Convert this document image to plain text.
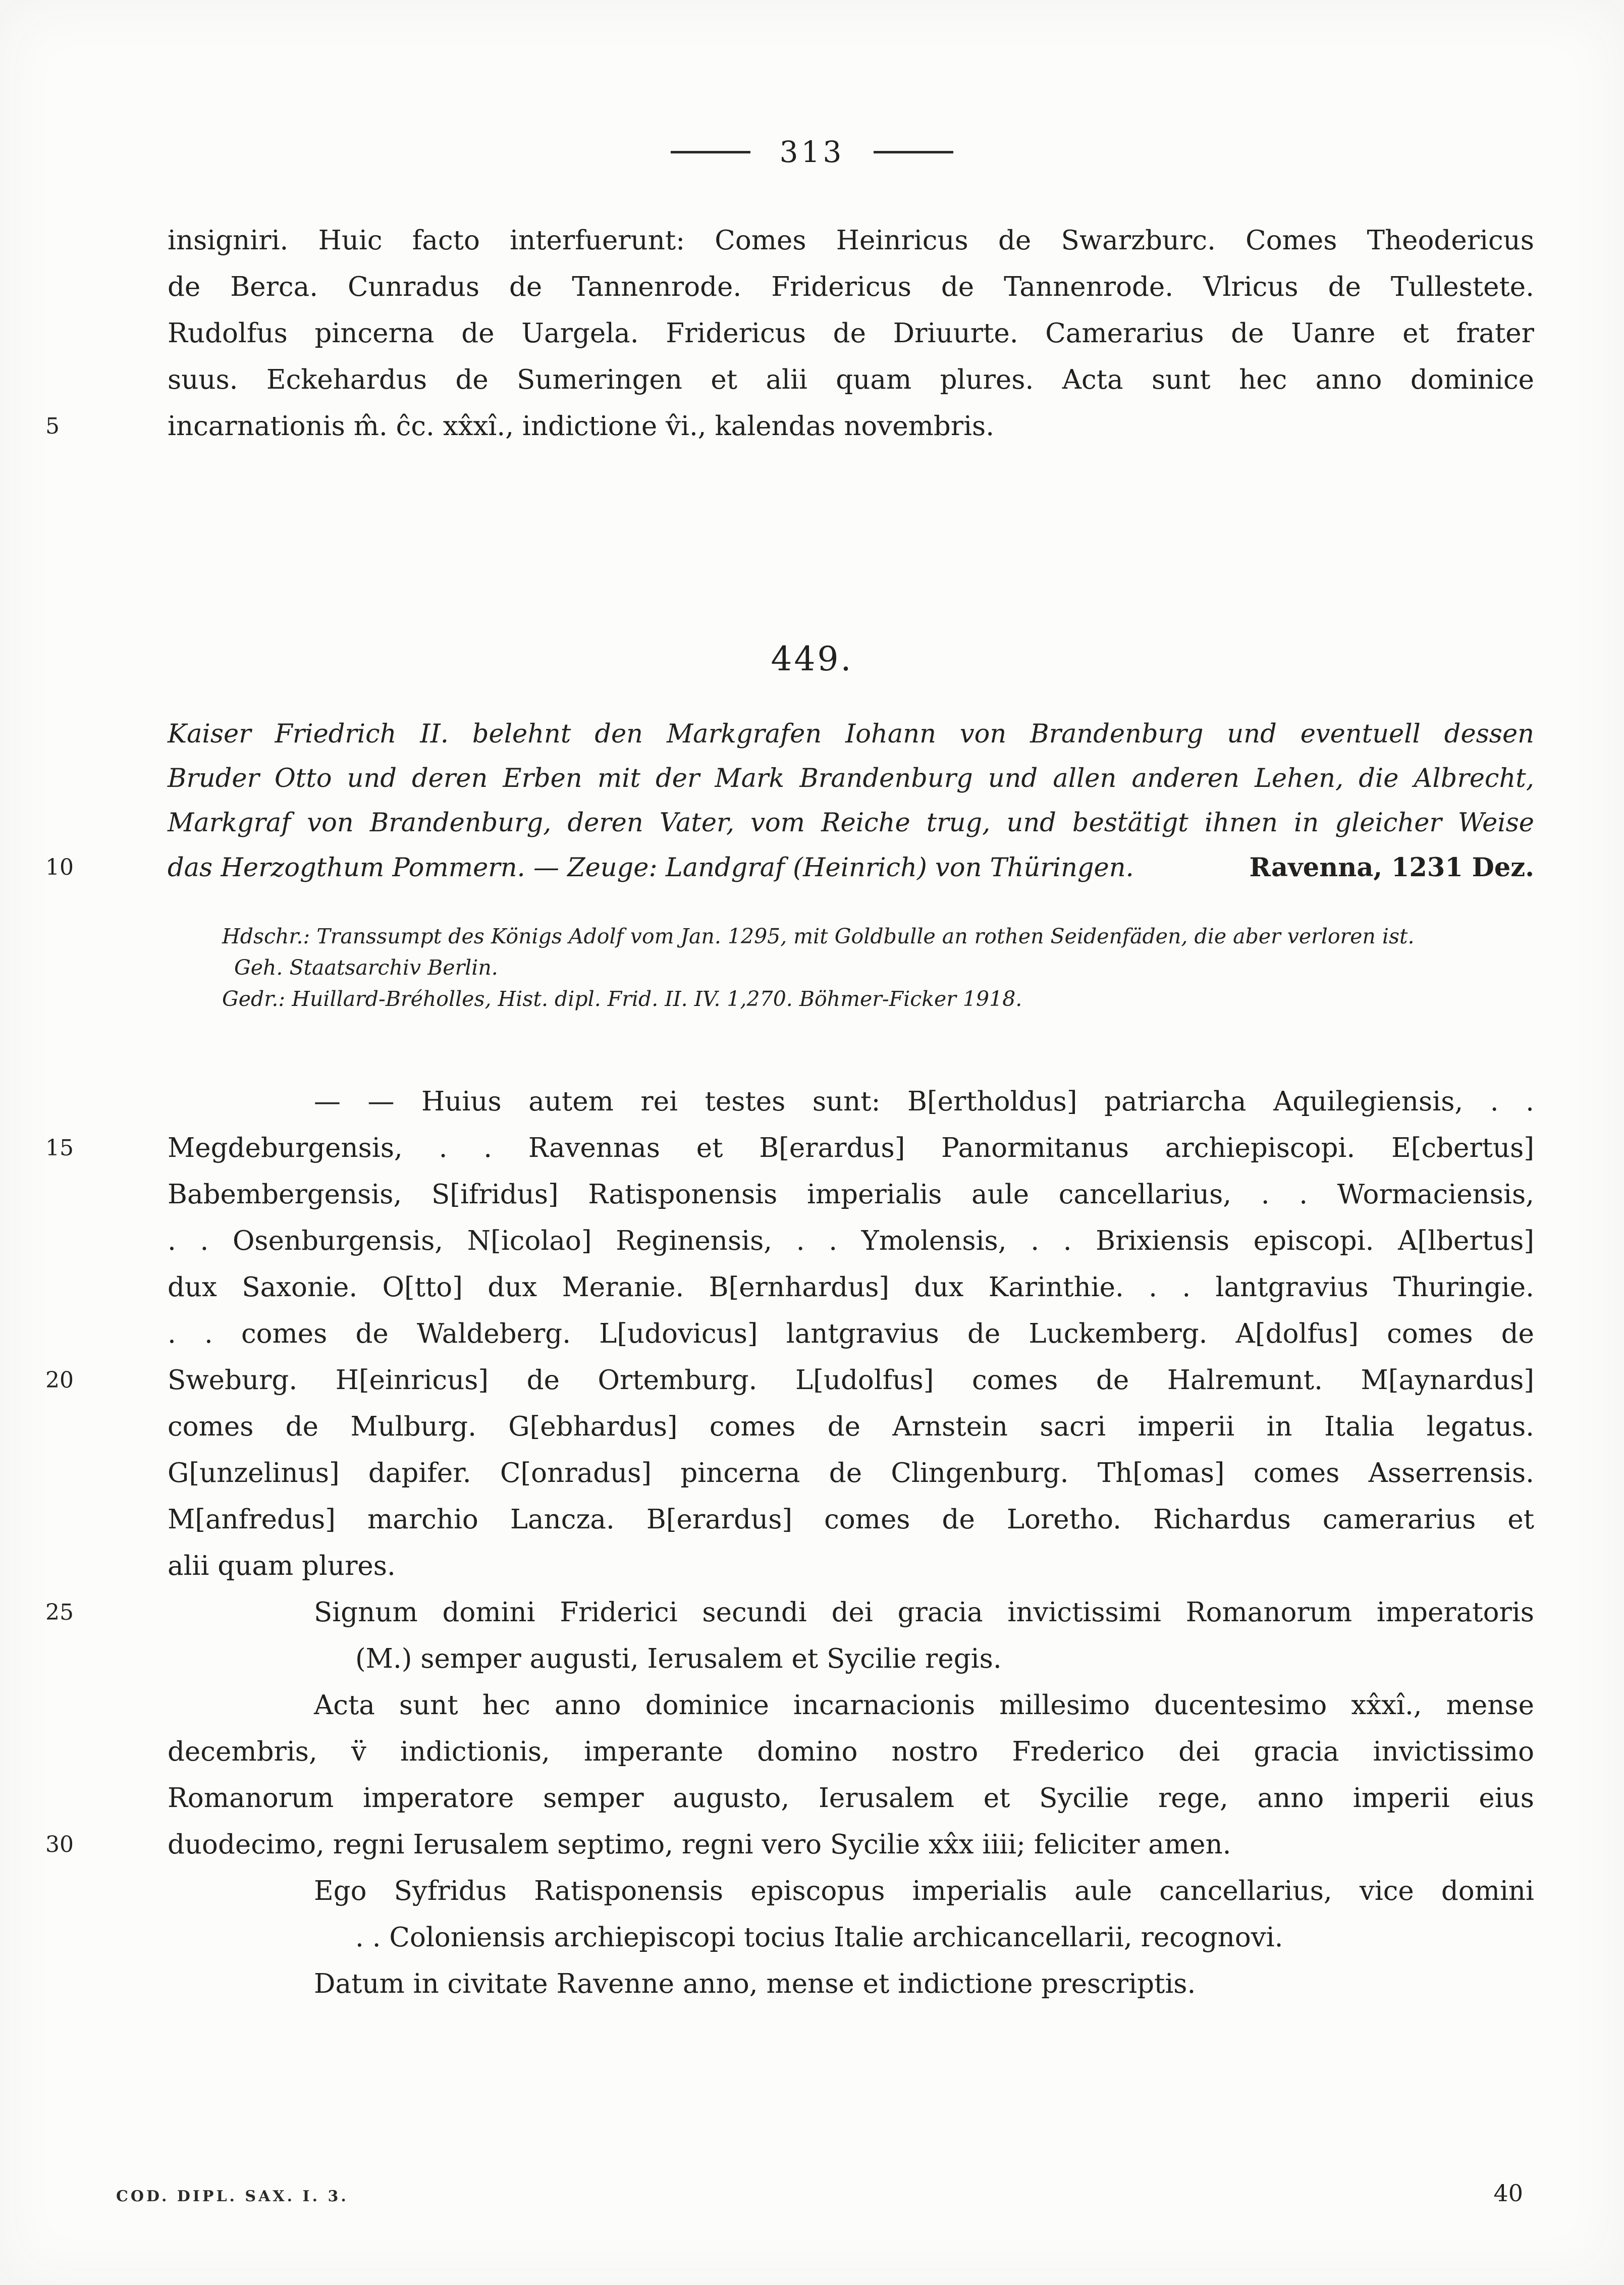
313
insigniri. Huic facto interfuerunt: Comes Heinricus de Swarzburc. Comes Theodericus
de Berca. Cunradus de Tannenrode. Fridericus de Tannenrode. Vlricus de Tullestete.
Rudolfus pincerna de Uargela. Fridericus de Driuurte. Camerarius de Uanre et frater
suus. Eckehardus de Sumeringen et alii quam plures. Acta sunt hec anno dominice
5	incarnationis m̂. ĉc. xx̂xî., indictione v̂i., kalendas novembris.
449.
Kaiser Friedrich II. belehnt den Markgrafen Iohann von Brandenburg und eventuell dessen
Bruder Otto und deren Erben mit der Mark Brandenburg und allen anderen Lehen, die Albrecht,
Markgraf von Brandenburg, deren Vater, vom Reiche trug, und bestätigt ihnen in gleicher Weise
10	das Herzogthum Pommern. — Zeuge: Landgraf (Heinrich) von Thüringen.	Ravenna, 1231 Dez.
Hdschr.: Transsumpt des Königs Adolf vom Jan. 1295, mit Goldbulle an rothen Seidenfäden, die aber verloren ist.
Geh. Staatsarchiv Berlin.
Gedr.: Huillard-Bréholles, Hist. dipl. Frid. II. IV. 1,270. Böhmer-Ficker 1918.
— — Huius autem rei testes sunt: B[ertholdus] patriarcha Aquilegiensis, . .
15	Megdeburgensis, . . Ravennas et B[erardus] Panormitanus archiepiscopi. E[cbertus]
Babembergensis, S[ifridus] Ratisponensis imperialis aule cancellarius, . . Wormaciensis,
. . Osenburgensis, N[icolao] Reginensis, . . Ymolensis, . . Brixiensis episcopi. A[lbertus]
dux Saxonie. O[tto] dux Meranie. B[ernhardus] dux Karinthie. . . lantgravius Thuringie.
. . comes de Waldeberg. L[udovicus] lantgravius de Luckemberg. A[dolfus] comes de
20	Sweburg. H[einricus] de Ortemburg. L[udolfus] comes de Halremunt. M[aynardus]
comes de Mulburg. G[ebhardus] comes de Arnstein sacri imperii in Italia legatus.
G[unzelinus] dapifer. C[onradus] pincerna de Clingenburg. Th[omas] comes Asserrensis.
M[anfredus] marchio Lancza. B[erardus] comes de Loretho. Richardus camerarius et
alii quam plures.
25	Signum domini Friderici secundi dei gracia invictissimi Romanorum imperatoris
(M.) semper augusti, Ierusalem et Sycilie regis.
Acta sunt hec anno dominice incarnacionis millesimo ducentesimo xx̂xî., mense
decembris, v̈ indictionis, imperante domino nostro Frederico dei gracia invictissimo
Romanorum imperatore semper augusto, Ierusalem et Sycilie rege, anno imperii eius
30	duodecimo, regni Ierusalem septimo, regni vero Sycilie xx̂x iiii; feliciter amen.
Ego Syfridus Ratisponensis episcopus imperialis aule cancellarius, vice domini
. . Coloniensis archiepiscopi tocius Italie archicancellarii, recognovi.
Datum in civitate Ravenne anno, mense et indictione prescriptis.
COD. DIPL. SAX. I. 3.	40
